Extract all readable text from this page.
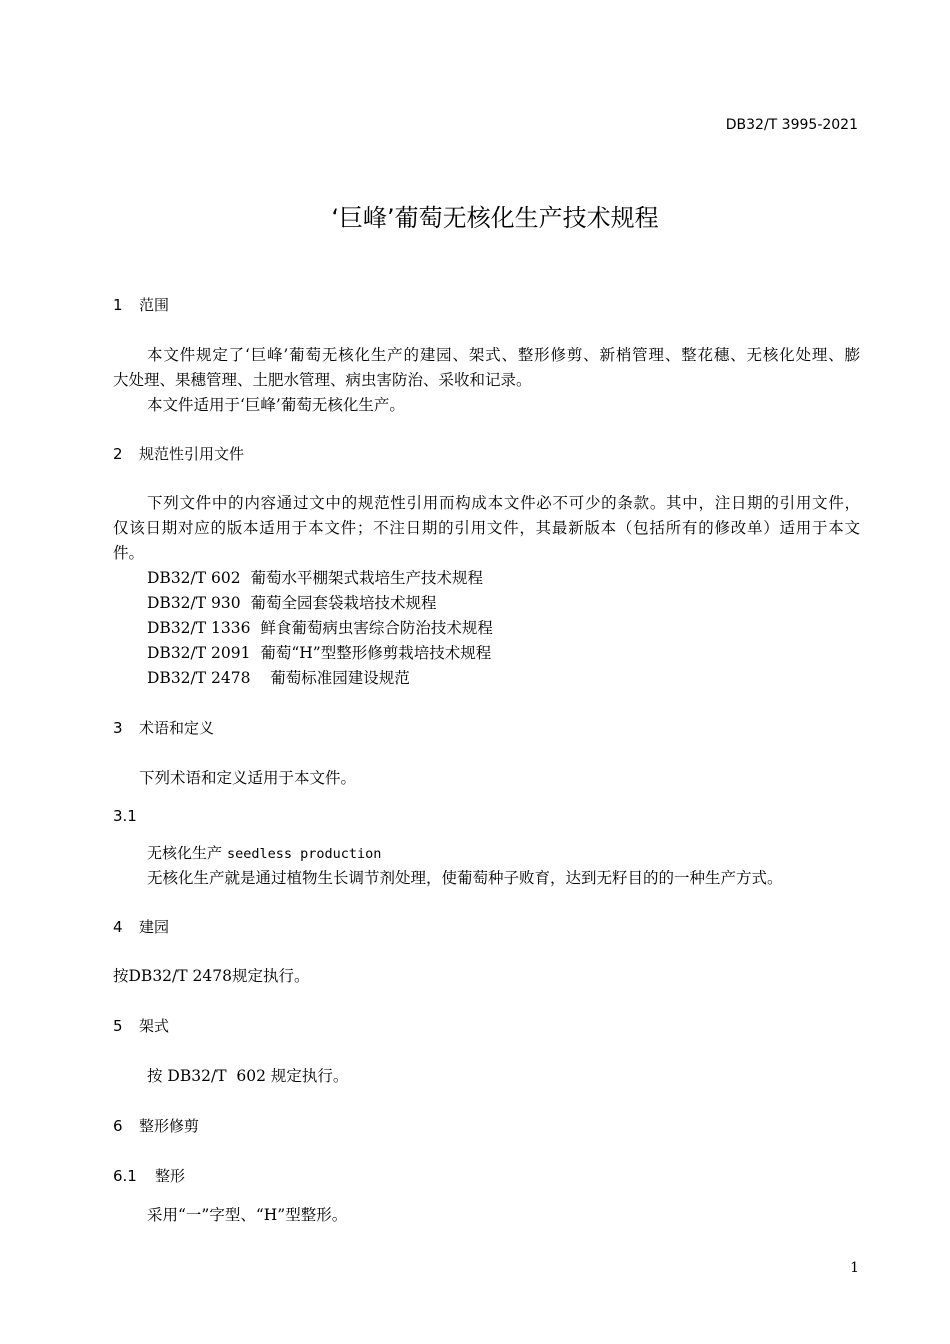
DB32/T 3995-2021
‘巨峰’葡萄无核化生产技术规程
1 范围
本文件规定了‘巨峰’葡萄无核化生产的建园、架式、整形修剪、新梢管理、整花穗、无核化处理、膨
大处理、果穗管理、土肥水管理、病虫害防治、采收和记录。
本文件适用于‘巨峰’葡萄无核化生产。
2 规范性引用文件
下列文件中的内容通过文中的规范性引用而构成本文件必不可少的条款。其中，注日期的引用文件，
仅该日期对应的版本适用于本文件；不注日期的引用文件，其最新版本（包括所有的修改单）适用于本文
件。
DB32/T 602 葡萄水平棚架式栽培生产技术规程
DB32/T 930 葡萄全园套袋栽培技术规程
DB32/T 1336 鲜食葡萄病虫害综合防治技术规程
DB32/T 2091 葡萄“H”型整形修剪栽培技术规程
DB32/T 2478 葡萄标准园建设规范
3 术语和定义
下列术语和定义适用于本文件。
3.1
无核化生产 seedless production
无核化生产就是通过植物生长调节剂处理，使葡萄种子败育，达到无籽目的的一种生产方式。
4 建园
按DB32/T 2478规定执行。
5 架式
按 DB32/T  602 规定执行。
6 整形修剪
6.1 整形
采用“一”字型、“H”型整形。
1
